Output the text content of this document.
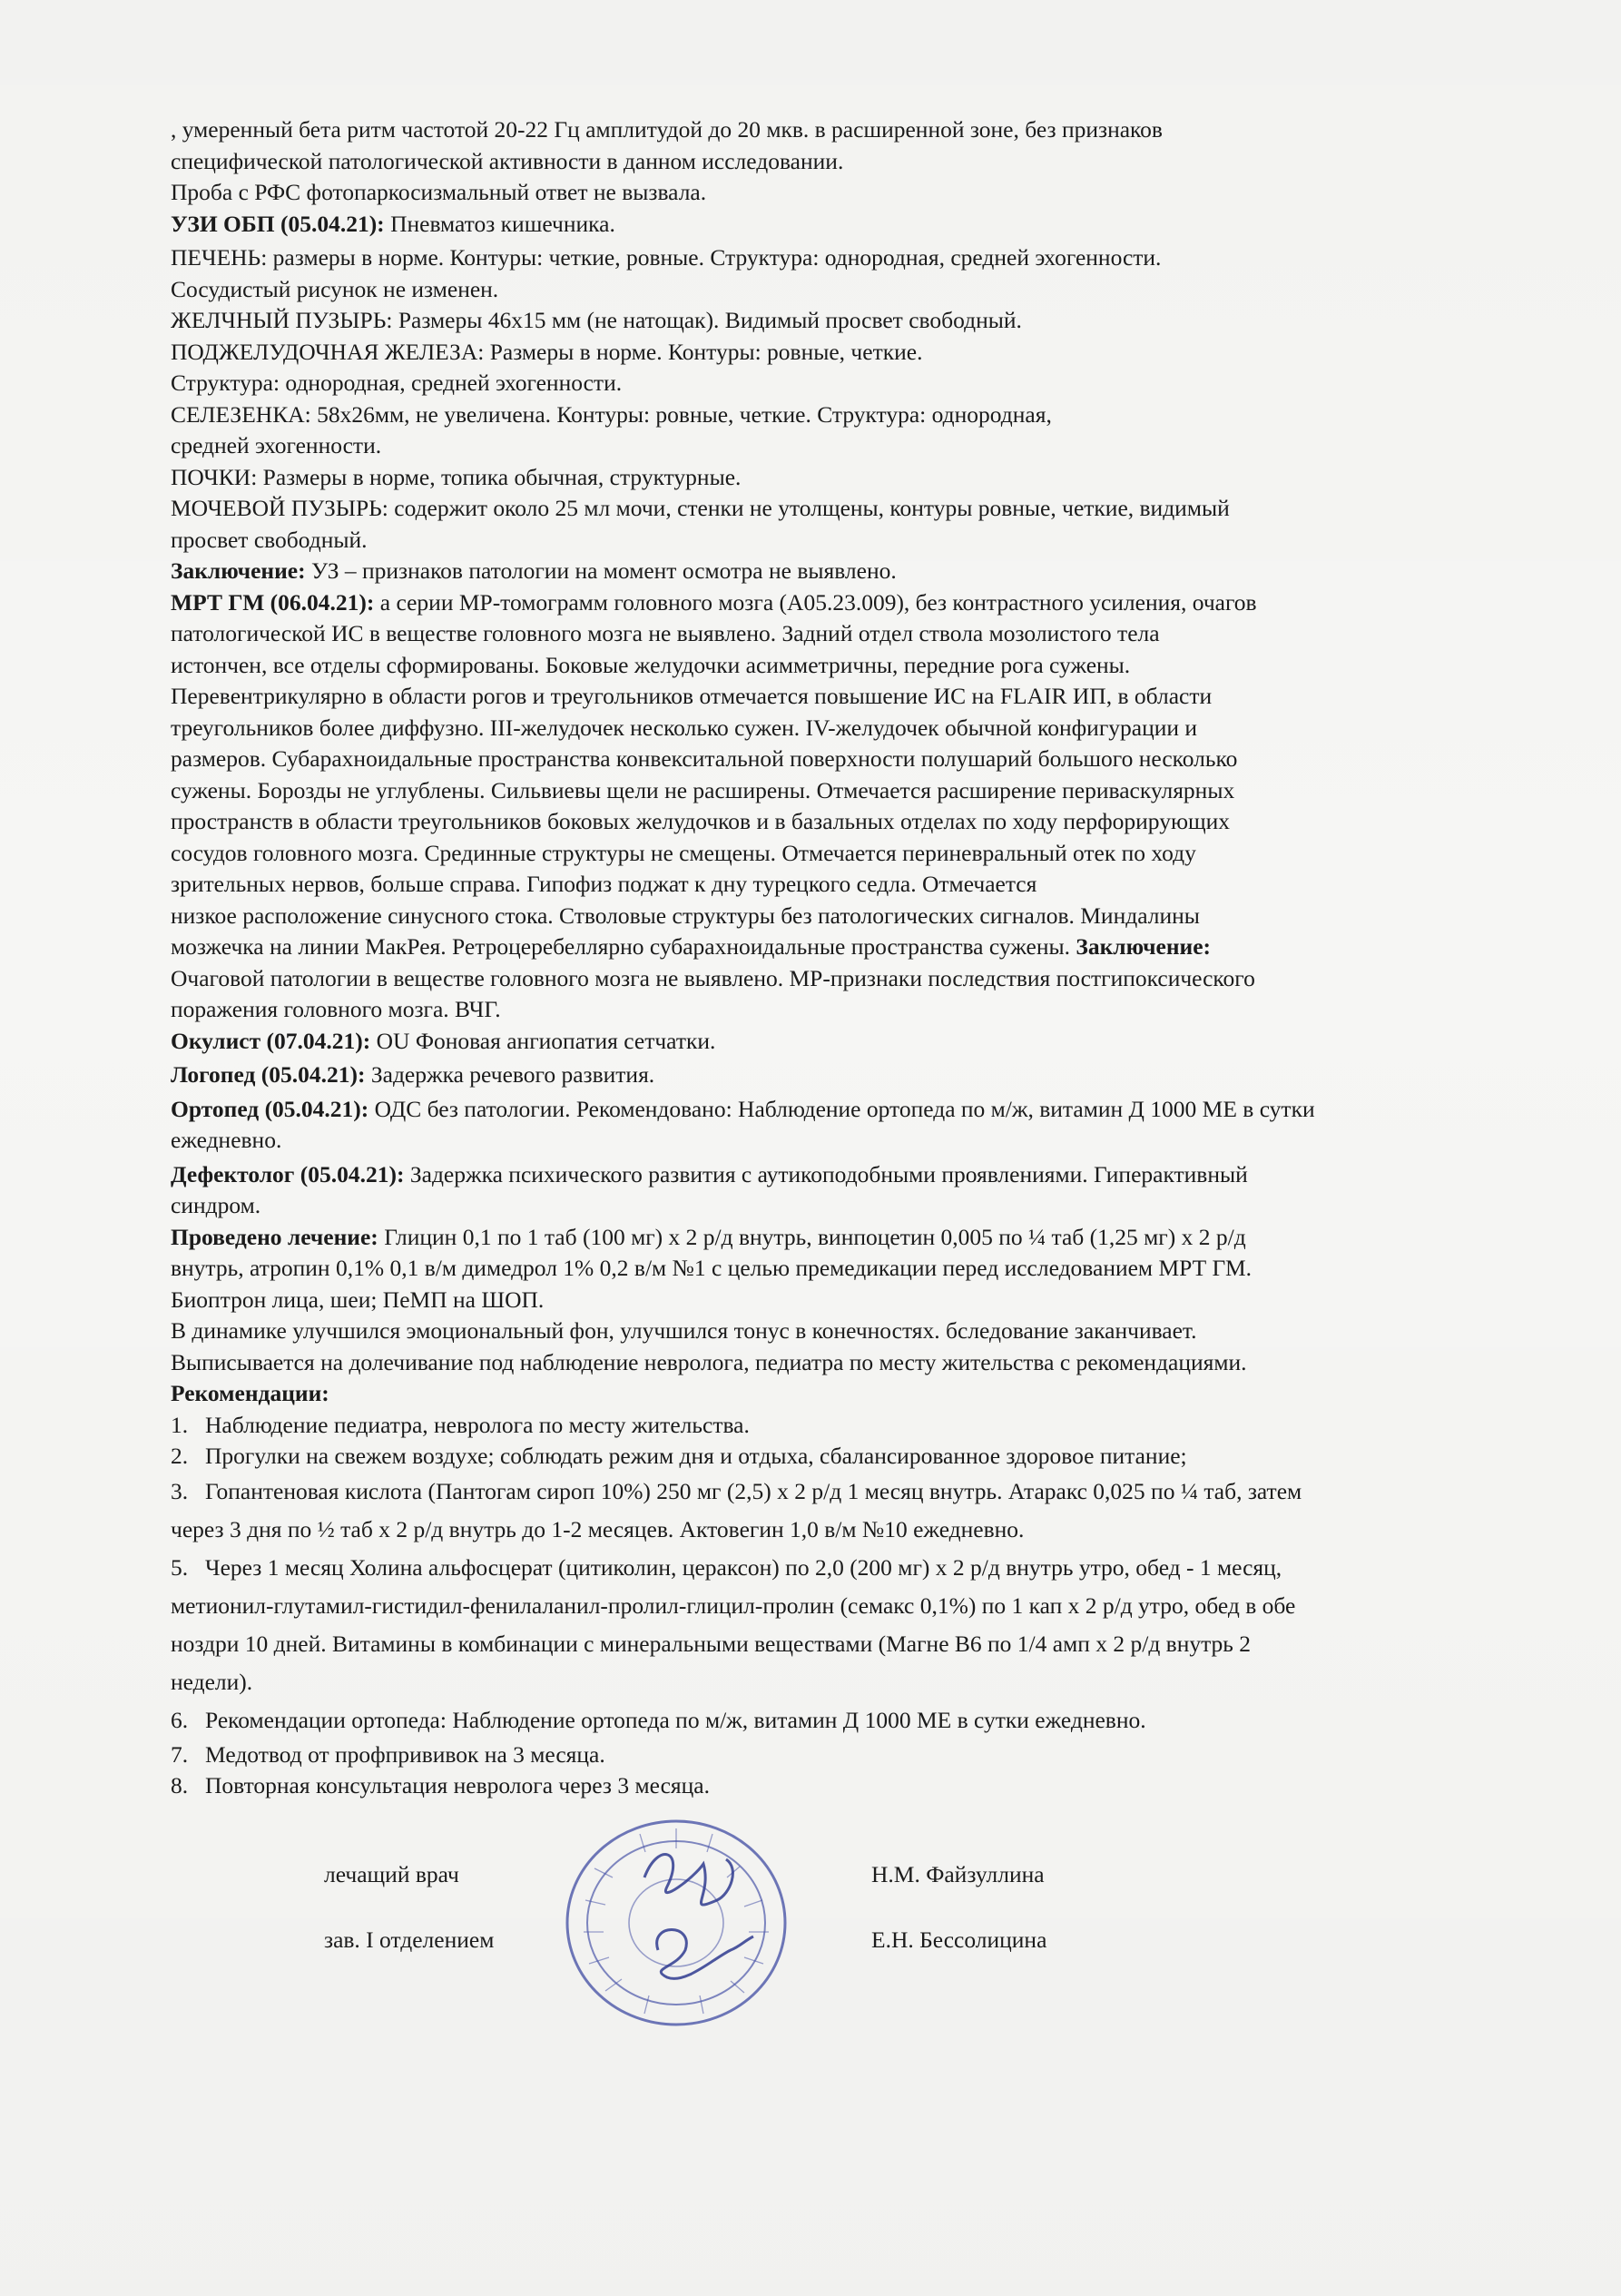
, умеренный бета ритм частотой 20-22 Гц амплитудой до 20 мкв. в расширенной зоне, без признаков

специфической патологической активности в данном исследовании.

Проба с РФС фотопаркосизмальный ответ не вызвала.

УЗИ ОБП (05.04.21): Пневматоз кишечника.

ПЕЧЕНЬ: размеры в норме. Контуры: четкие, ровные. Структура: однородная, средней эхогенности.

Сосудистый рисунок не изменен.

ЖЕЛЧНЫЙ ПУЗЫРЬ: Размеры 46х15 мм (не натощак). Видимый просвет свободный.

ПОДЖЕЛУДОЧНАЯ ЖЕЛЕЗА: Размеры в норме. Контуры: ровные, четкие.

Структура: однородная, средней эхогенности.

СЕЛЕЗЕНКА: 58х26мм, не увеличена. Контуры: ровные, четкие. Структура: однородная,

средней эхогенности.

ПОЧКИ: Размеры в норме, топика обычная, структурные.

МОЧЕВОЙ ПУЗЫРЬ: содержит около 25 мл мочи, стенки не утолщены, контуры ровные, четкие, видимый

просвет свободный.

Заключение: УЗ – признаков патологии на момент осмотра не выявлено.

МРТ ГМ (06.04.21): а серии МР-томограмм головного мозга (А05.23.009), без контрастного усиления, очагов

патологической ИС в веществе головного мозга не выявлено. Задний отдел ствола мозолистого тела

истончен, все отделы сформированы. Боковые желудочки асимметричны, передние рога сужены.

Перевентрикулярно в области рогов и треугольников отмечается повышение ИС на FLAIR ИП, в области

треугольников более диффузно. III-желудочек несколько сужен. IV-желудочек обычной конфигурации и

размеров. Субарахноидальные пространства конвекситальной поверхности полушарий большого несколько

сужены. Борозды не углублены. Сильвиевы щели не расширены. Отмечается расширение периваскулярных

пространств в области треугольников боковых желудочков и в базальных отделах по ходу перфорирующих

сосудов головного мозга. Срединные структуры не смещены. Отмечается периневральный отек по ходу

зрительных нервов, больше справа. Гипофиз поджат к дну турецкого седла. Отмечается

низкое расположение синусного стока. Стволовые структуры без патологических сигналов. Миндалины

мозжечка на линии МакРея. Ретроцеребеллярно субарахноидальные пространства сужены. Заключение:

Очаговой патологии в веществе головного мозга не выявлено. МР-признаки последствия постгипоксического

поражения головного мозга. ВЧГ.

Окулист (07.04.21): OU Фоновая ангиопатия сетчатки.

Логопед (05.04.21): Задержка речевого развития.

Ортопед (05.04.21): ОДС без патологии. Рекомендовано: Наблюдение ортопеда по м/ж, витамин Д 1000 МЕ в сутки

ежедневно.

Дефектолог (05.04.21): Задержка психического развития с аутикоподобными проявлениями. Гиперактивный

синдром.

Проведено лечение: Глицин 0,1 по 1 таб (100 мг) х 2 р/д внутрь, винпоцетин 0,005 по ¼ таб (1,25 мг) х 2 р/д

внутрь, атропин 0,1% 0,1 в/м димедрол 1% 0,2 в/м №1 с целью премедикации перед исследованием МРТ ГМ.

Биоптрон лица, шеи; ПеМП на ШОП.

В динамике улучшился эмоциональный фон, улучшился тонус в конечностях. бследование заканчивает.

Выписывается на долечивание под наблюдение невролога, педиатра по месту жительства с рекомендациями.

Рекомендации:

1. Наблюдение педиатра, невролога по месту жительства.
2. Прогулки на свежем воздухе; соблюдать режим дня и отдыха, сбалансированное здоровое питание;
3. Гопантеновая кислота (Пантогам сироп 10%) 250 мг (2,5) х 2 р/д 1 месяц внутрь. Атаракс 0,025 по ¼ таб, затем
через 3 дня по ½ таб х 2 р/д внутрь до 1-2 месяцев. Актовегин 1,0 в/м №10 ежедневно.
5. Через 1 месяц Холина альфосцерат (цитиколин, цераксон) по 2,0 (200 мг) х 2 р/д внутрь утро, обед - 1 месяц,
метионил-глутамил-гистидил-фенилаланил-пролил-глицил-пролин (семакс 0,1%) по 1 кап х 2 р/д утро, обед в обе
ноздри 10 дней. Витамины в комбинации с минеральными веществами (Магне В6 по 1/4 амп х 2 р/д внутрь 2
недели).
6. Рекомендации ортопеда: Наблюдение ортопеда по м/ж, витамин Д 1000 МЕ в сутки ежедневно.
7. Медотвод от профпрививок на 3 месяца.
8. Повторная консультация невролога через 3 месяца.
лечащий врач	Н.М. Файзуллина
зав. I отделением	Е.Н. Бессолицина
